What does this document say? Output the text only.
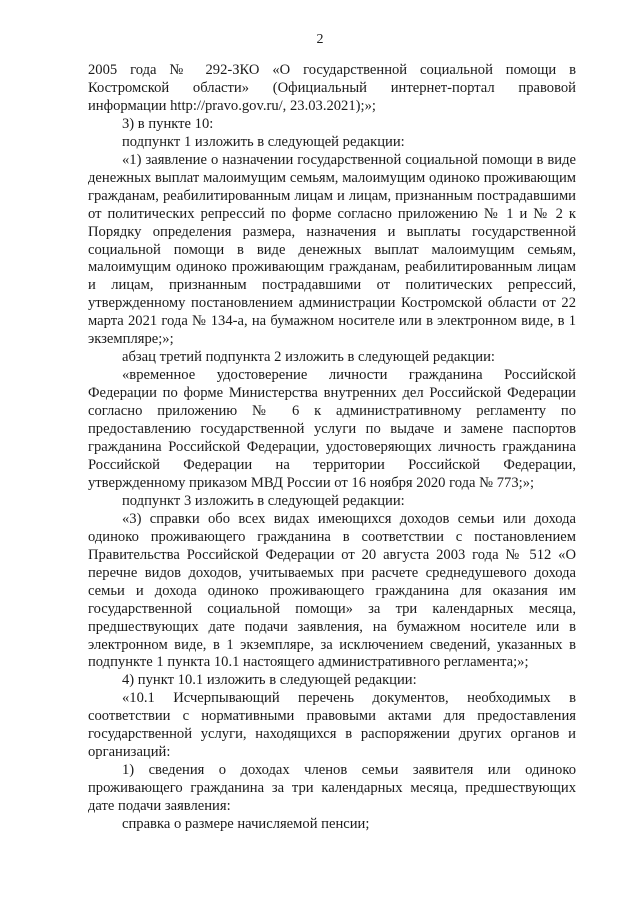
2

2005 года № 292-ЗКО «О государственной социальной помощи в Костромской области» (Официальный интернет-портал правовой информации http://pravo.gov.ru/, 23.03.2021);»;

3) в пункте 10:

подпункт 1 изложить в следующей редакции:

«1) заявление о назначении государственной социальной помощи в виде денежных выплат малоимущим семьям, малоимущим одиноко проживающим гражданам, реабилитированным лицам и лицам, признанным пострадавшими от политических репрессий по форме согласно приложению № 1 и № 2 к Порядку определения размера, назначения и выплаты государственной социальной помощи в виде денежных выплат малоимущим семьям, малоимущим одиноко проживающим гражданам, реабилитированным лицам и лицам, признанным пострадавшими от политических репрессий, утвержденному постановлением администрации Костромской области от 22 марта 2021 года № 134-а, на бумажном носителе или в электронном виде, в 1 экземпляре;»;

абзац третий подпункта 2 изложить в следующей редакции:

«временное удостоверение личности гражданина Российской Федерации по форме Министерства внутренних дел Российской Федерации согласно приложению № 6 к административному регламенту по предоставлению государственной услуги по выдаче и замене паспортов гражданина Российской Федерации, удостоверяющих личность гражданина Российской Федерации на территории Российской Федерации, утвержденному приказом МВД России от 16 ноября 2020 года № 773;»;

подпункт 3 изложить в следующей редакции:

«3) справки обо всех видах имеющихся доходов семьи или дохода одиноко проживающего гражданина в соответствии с постановлением Правительства Российской Федерации от 20 августа 2003 года № 512 «О перечне видов доходов, учитываемых при расчете среднедушевого дохода семьи и дохода одиноко проживающего гражданина для оказания им государственной социальной помощи» за три календарных месяца, предшествующих дате подачи заявления, на бумажном носителе или в электронном виде, в 1 экземпляре, за исключением сведений, указанных в подпункте 1 пункта 10.1 настоящего административного регламента;»;

4) пункт 10.1 изложить в следующей редакции:

«10.1 Исчерпывающий перечень документов, необходимых в соответствии с нормативными правовыми актами для предоставления государственной услуги, находящихся в распоряжении других органов и организаций:

1) сведения о доходах членов семьи заявителя или одиноко проживающего гражданина за три календарных месяца, предшествующих дате подачи заявления:

справка о размере начисляемой пенсии;
